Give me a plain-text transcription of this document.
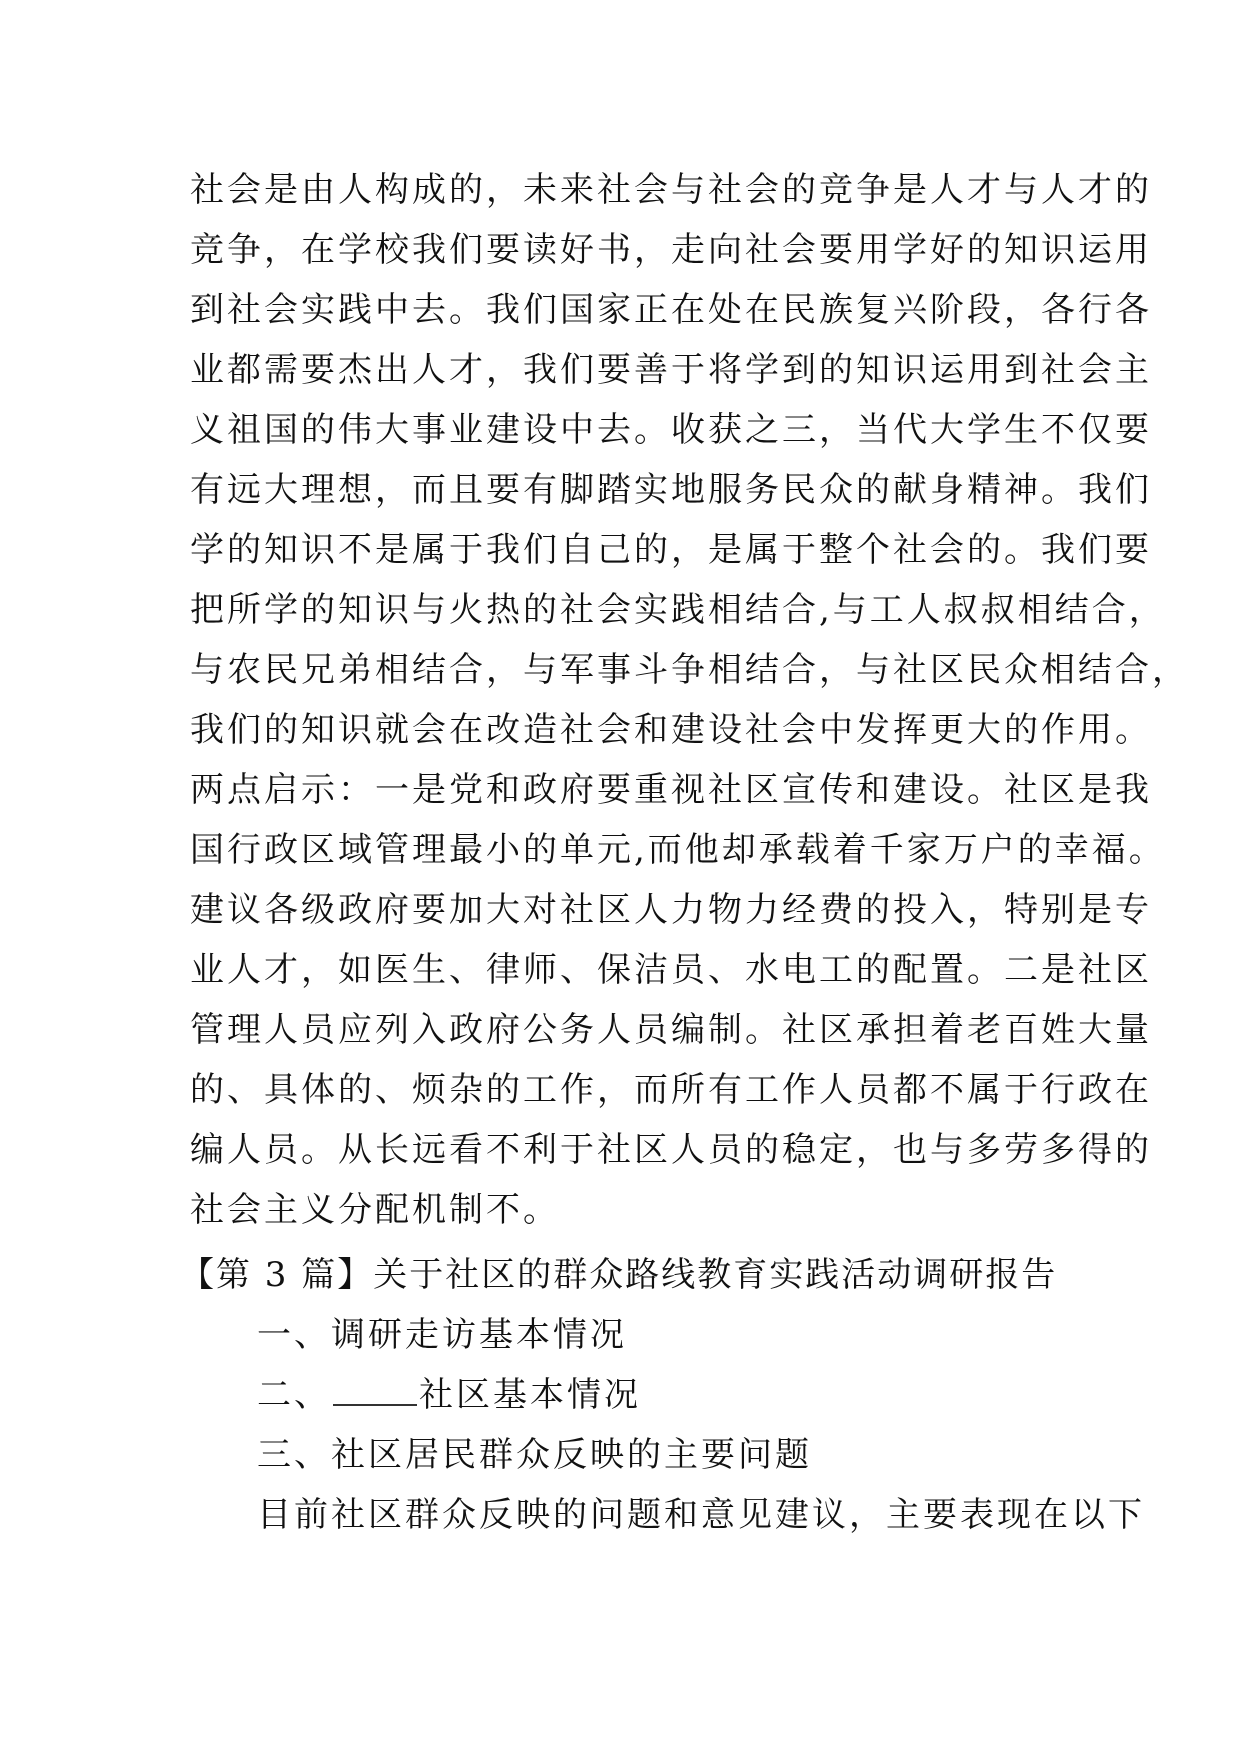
社会是由人构成的，未来社会与社会的竞争是人才与人才的
竞争，在学校我们要读好书，走向社会要用学好的知识运用
到社会实践中去。我们国家正在处在民族复兴阶段，各行各
业都需要杰出人才，我们要善于将学到的知识运用到社会主
义祖国的伟大事业建设中去。收获之三，当代大学生不仅要
有远大理想，而且要有脚踏实地服务民众的献身精神。我们
学的知识不是属于我们自己的，是属于整个社会的。我们要
把所学的知识与火热的社会实践相结合,与工人叔叔相结合，
与农民兄弟相结合，与军事斗争相结合，与社区民众相结合，
我们的知识就会在改造社会和建设社会中发挥更大的作用。
两点启示：一是党和政府要重视社区宣传和建设。社区是我
国行政区域管理最小的单元,而他却承载着千家万户的幸福。
建议各级政府要加大对社区人力物力经费的投入，特别是专
业人才，如医生、律师、保洁员、水电工的配置。二是社区
管理人员应列入政府公务人员编制。社区承担着老百姓大量
的、具体的、烦杂的工作，而所有工作人员都不属于行政在
编人员。从长远看不利于社区人员的稳定，也与多劳多得的
社会主义分配机制不。
【第 3 篇】关于社区的群众路线教育实践活动调研报告
一、调研走访基本情况
二、	社区基本情况
三、社区居民群众反映的主要问题
目前社区群众反映的问题和意见建议，主要表现在以下
